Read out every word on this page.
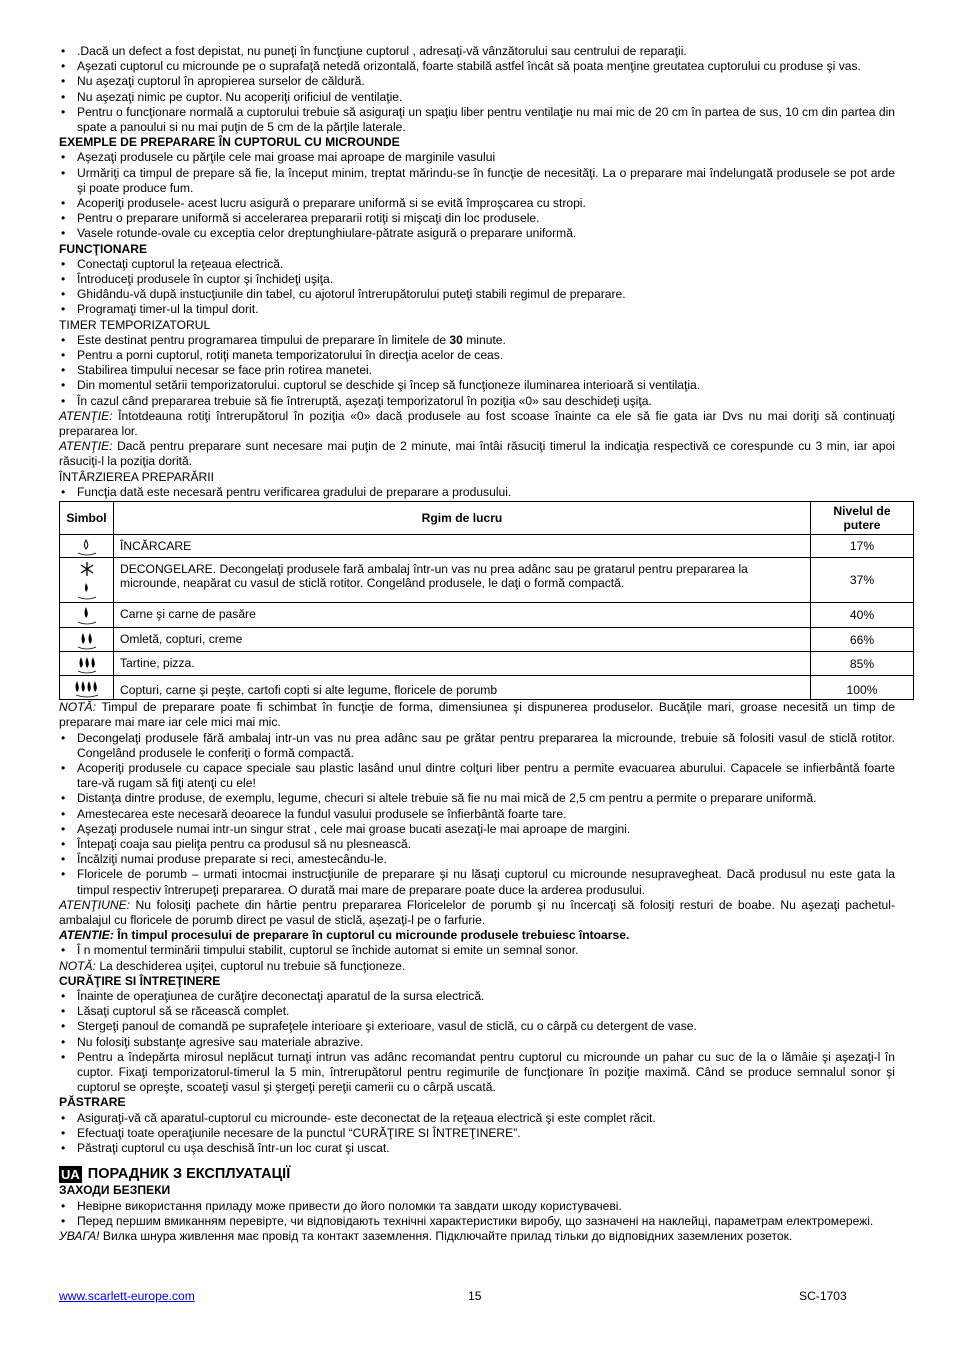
• .Dacă un defect a fost depistat, nu puneţi în funcţiune cuptorul , adresaţi-vă vânzătorului sau centrului de reparaţii.
• Aşezati cuptorul cu microunde pe o suprafaţă netedă orizontală, foarte stabilă astfel încât să poata menţine greutatea cuptorului cu produse şi vas.
• Nu aşezaţi cuptorul în apropierea surselor de căldură.
• Nu aşezaţi nimic pe cuptor. Nu acoperiţi orificiul de ventilaţie.
• Pentru o funcţionare normală a cuptorului trebuie să asiguraţi un spaţiu liber pentru ventilaţie nu mai mic de 20 cm în partea de sus, 10 cm din partea din spate a panoului si nu mai puţin de 5 cm de la părţile laterale.
EXEMPLE DE PREPARARE ÎN CUPTORUL CU MICROUNDE
• Aşezaţi produsele cu părţile cele mai groase mai aproape de marginile vasului
• Urmăriţi ca timpul de prepare să fie, la început minim, treptat mărindu-se în funcţie de necesităţi. La o preparare mai îndelungată produsele se pot arde şi poate produce fum.
• Acoperiţi produsele- acest lucru asigură o preparare uniformă si se evită împroşcarea cu stropi.
• Pentru o preparare uniformă si accelerarea prepararii rotiţi si mişcaţi din loc produsele.
• Vasele rotunde-ovale cu exceptia celor dreptunghiulare-pătrate asigură o preparare uniformă.
FUNCŢIONARE
• Conectaţi cuptorul la reţeaua electrică.
• Întroduceţi produsele în cuptor şi închideţi uşiţa.
• Ghidându-vă după instucţiunile din tabel, cu ajotorul întrerupătorului puteţi stabili regimul de preparare.
• Programaţi timer-ul la timpul dorit.
TIMER TEMPORIZATORUL
• Este destinat pentru programarea timpului de preparare în limitele de 30 minute.
• Pentru a porni cuptorul, rotiţi maneta temporizatorului în direcţia acelor de ceas.
• Stabilirea timpului necesar se face prin rotirea manetei.
• Din momentul setării temporizatorului. cuptorul se deschide şi încep să funcţioneze iluminarea interioară si ventilaţia.
• În cazul când prepararea trebuie să fie întreruptă, aşezaţi temporizatorul în poziţia «0» sau deschideţi uşiţa.
ATENŢIE: Întotdeauna rotiţi întrerupătorul în poziţia «0» dacă produsele au fost scoase înainte ca ele să fie gata iar Dvs nu mai doriţi să continuaţi prepararea lor.
ATENŢIE: Dacă pentru preparare sunt necesare mai puţin de 2 minute, mai întâi răsuciţi timerul la indicaţia respectivă ce corespunde cu 3 min, iar apoi răsuciţi-l la poziţia dorită.
ÎNTÂRZIEREA PREPARĂRII
• Funcţia dată este necesară pentru verificarea gradului de preparare a produsului.
Simbol	Rgim de lucru	Nivelul de putere

	ÎNCĂRCARE	17%

	DECONGELARE. Decongelaţi produsele fară ambalaj într-un vas nu prea adânc sau pe gratarul pentru prepararea la microunde, neapărat cu vasul de sticlă rotitor. Congelând produsele, le daţi o formă compactă.	37%

	Carne şi carne de pasăre	40%

	Omletă, copturi, creme	66%

	Tartine, pizza.	85%

	Copturi, carne şi peşte, cartofi copti si alte legume, floricele de porumb	100%
NOTĂ: Timpul de preparare poate fi schimbat în funcţie de forma, dimensiunea şi dispunerea produselor. Bucăţile mari, groase necesită un timp de preparare mai mare iar cele mici mai mic.
• Decongelaţi produsele fără ambalaj intr-un vas nu prea adânc sau pe grătar pentru prepararea la microunde, trebuie să folositi vasul de sticlă rotitor. Congelând produsele le conferiţi o formă compactă.
• Acoperiţi produsele cu capace speciale sau plastic lasând unul dintre colţuri liber pentru a permite evacuarea aburului. Capacele se infierbântă foarte tare-vă rugam să fiţi atenţi cu ele!
• Distanţa dintre produse, de exemplu, legume, checuri si altele trebuie să fie nu mai mică de 2,5 cm pentru a permite o preparare uniformă.
• Amestecarea este necesară deoarece la fundul vasului produsele se înfierbântă foarte tare.
• Aşezaţi produsele numai intr-un singur strat , cele mai groase bucati asezaţi-le mai aproape de margini.
• Întepaţi coaja sau pieliţa pentru ca produsul să nu plesnească.
• Încălziţi numai produse preparate si reci, amestecându-le.
• Floricele de porumb – urmati intocmai instrucţiunile de preparare şi nu lăsaţi cuptorul cu microunde nesupravegheat. Dacă produsul nu este gata la timpul respectiv întrerupeţi prepararea. O durată mai mare de preparare poate duce la arderea produsului.
ATENŢIUNE: Nu folosiţi pachete din hârtie pentru prepararea Floricelelor de porumb şi nu încercaţi să folosiţi resturi de boabe. Nu aşezaţi pachetul-ambalajul cu floricele de porumb direct pe vasul de sticlă, aşezaţi-l pe o farfurie.
ATENTIE: În timpul procesului de preparare în cuptorul cu microunde produsele trebuiesc întoarse.
• Î n momentul terminării timpului stabilit, cuptorul se închide automat si emite un semnal sonor.
NOTĂ: La deschiderea uşiţei, cuptorul nu trebuie să funcţioneze.
CURĂŢIRE SI ÎNTREŢINERE
• Înainte de operaţiunea de curăţire deconectaţi aparatul de la sursa electrică.
• Lăsaţi cuptorul să se răcească complet.
• Stergeţi panoul de comandă pe suprafeţele interioare şi exterioare, vasul de sticlă, cu o cârpă cu detergent de vase.
• Nu folosiţi substanţe agresive sau materiale abrazive.
• Pentru a îndepărta mirosul neplăcut turnaţi intrun vas adânc recomandat pentru cuptorul cu microunde un pahar cu suc de la o lămâie şi aşezaţi-l în cuptor. Fixaţi temporizatorul-timerul la 5 min, întrerupătorul pentru regimurile de funcţionare în poziţie maximă. Când se produce semnalul sonor şi cuptorul se opreşte, scoateţi vasul şi ştergeţi pereţii camerii cu o cârpă uscată.
PĂSTRARE
• Asiguraţi-vă că aparatul-cuptorul cu microunde- este deconectat de la reţeaua electrică şi este complet răcit.
• Efectuaţi toate operaţiunile necesare de la punctul “CURĂŢIRE SI ÎNTREŢINERE”.
• Păstraţi cuptorul cu uşa deschisă într-un loc curat şi uscat.
UA ПОРАДНИК З ЕКСПЛУАТАЦІЇ
ЗАХОДИ БЕЗПЕКИ
• Невірне використання приладу може привести до його поломки та завдати шкоду користувачеві.
• Перед першим вмиканням перевірте, чи відповідають технічні характеристики виробу, що зазначені на наклейці, параметрам електромережі.
УВАГА! Вилка шнура живлення має провід та контакт заземлення. Підключайте прилад тільки до відповідних заземлених розеток.
www.scarlett-europe.com	15	SC-1703
